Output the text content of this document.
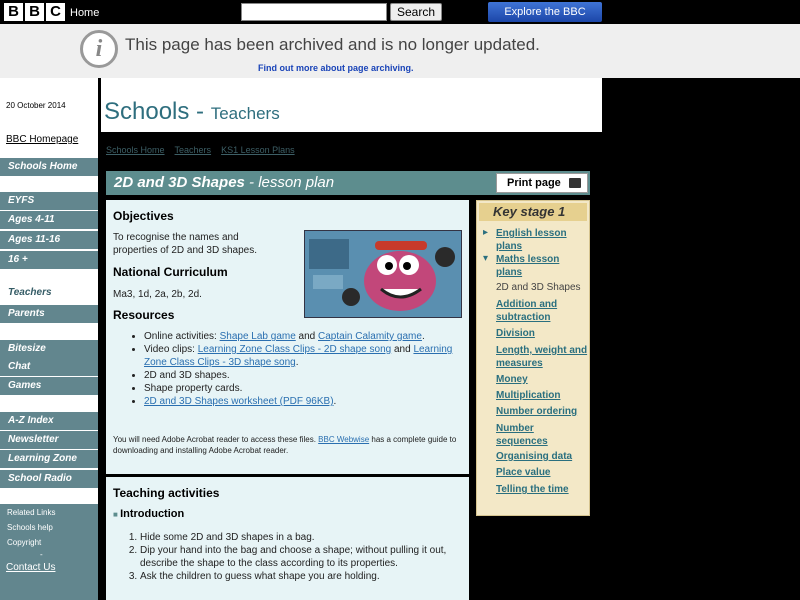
B B C Home	Search	Explore the BBC
i	This page has been archived and is no longer updated.
Find out more about page archiving.
20 October 2014
BBC Homepage
Schools Home
EYFS
Ages 4-11
Ages 11-16
16 +
Teachers
Parents
Bitesize
Chat
Games
A-Z Index
Newsletter
Learning Zone
School Radio
Related Links
Schools help
Copyright
-
Contact Us
Schools - Teachers
Schools Home Teachers KS1 Lesson Plans
2D and 3D Shapes - lesson plan	Print page
Objectives
To recognise the names and
properties of 2D and 3D shapes.
National Curriculum
Ma3, 1d, 2a, 2b, 2d.
Resources
• Online activities: Shape Lab game and Captain Calamity game.
• Video clips: Learning Zone Class Clips - 2D shape song and Learning Zone Class Clips - 3D shape song.
• 2D and 3D shapes.
• Shape property cards.
• 2D and 3D Shapes worksheet (PDF 96KB).
You will need Adobe Acrobat reader to access these files. BBC Webwise has a complete guide to downloading and installing Adobe Acrobat reader.
Teaching activities
■ Introduction
1. Hide some 2D and 3D shapes in a bag.
2. Dip your hand into the bag and choose a shape; without pulling it out, describe the shape to the class according to its properties.
3. Ask the children to guess what shape you are holding.
Key stage 1
English lesson plans
Maths lesson plans
2D and 3D Shapes
Addition and subtraction
Division
Length, weight and measures
Money
Multiplication
Number ordering
Number sequences
Organising data
Place value
Telling the time
▸
▾
